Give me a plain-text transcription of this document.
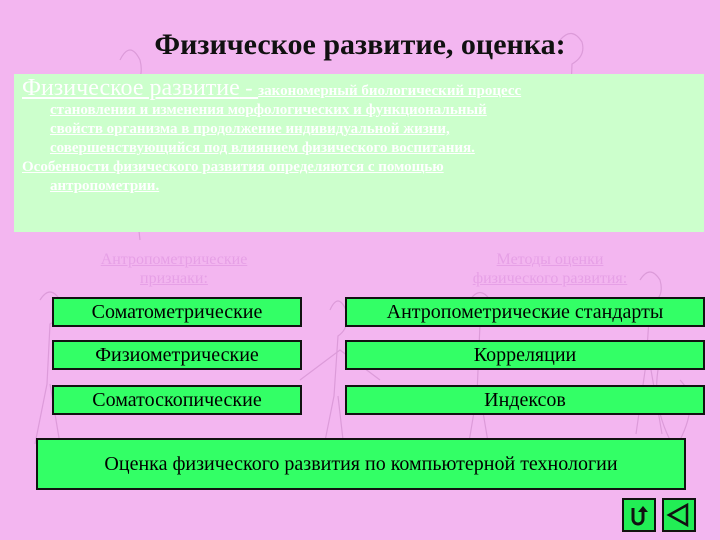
Физическое развитие, оценка:

Физическое развитие - закономерный биологический процесс

становления и изменения морфологических и функциональный

свойств организма в продолжение индивидуальной жизни,

совершенствующийся под влиянием физического воспитания.

Особенности физического развития определяются с помощью

антропометрии.

Антропометрические
признаки:
Методы оценки
физического развития:
Соматометрические
Физиометрические
Соматоскопические
Антропометрические стандарты
Корреляции
Индексов
Оценка физического развития по компьютерной технологии
